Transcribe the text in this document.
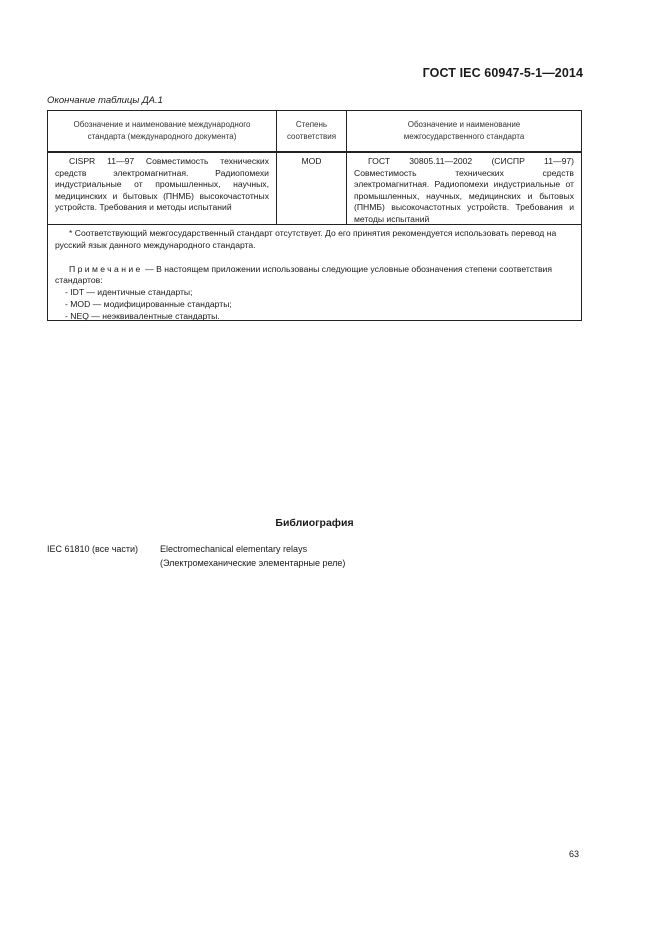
ГОСТ IEC 60947-5-1—2014
Окончание таблицы ДА.1
Обозначение и наименование международного
стандарта (международного документа)
Степень
соответствия
Обозначение и наименование
межгосударственного стандарта
CISPR 11—97 Совместимость технических средств электромагнитная. Радиопомехи индустриальные от промышленных, научных, медицинских и бытовых (ПНМБ) высокочастотных устройств. Требования и методы испытаний
MOD	ГОСТ 30805.11—2002 (СИСПР 11—97) Совместимость технических средств электромагнитная. Радиопомехи индустриальные от промышленных, научных, медицинских и бытовых (ПНМБ) высокочастотных устройств. Требования и методы испытаний

* Соответствующий межгосударственный стандарт отсутствует. До его принятия рекомендуется использовать перевод на русский язык данного международного стандарта.

Примечание — В настоящем приложении использованы следующие условные обозначения степени соответствия стандартов:

- IDT — идентичные стандарты;

- MOD — модифицированные стандарты;

- NEQ — неэквивалентные стандарты.

Библиография
IEC 61810 (все части)	Electromechanical elementary relays
(Электромеханические элементарные реле)
63
